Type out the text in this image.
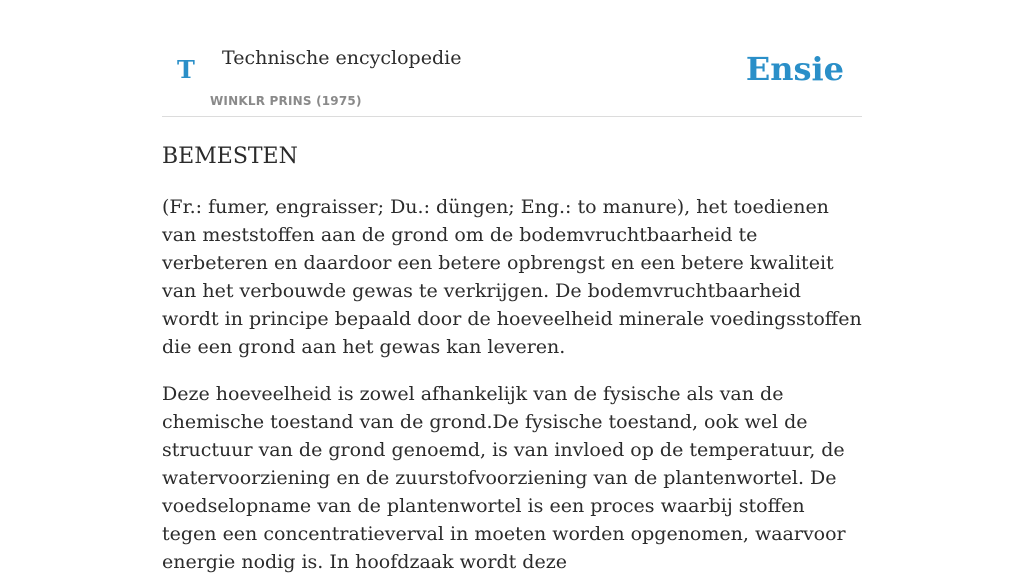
T Technische encyclopedie
WINKLR PRINS (1975)
Ensie
BEMESTEN

(Fr.: fumer, engraisser; Du.: düngen; Eng.: to manure), het toedienen van meststoffen aan de grond om de bodemvruchtbaarheid te verbeteren en daardoor een betere opbrengst en een betere kwaliteit van het verbouwde gewas te verkrijgen. De bodemvruchtbaarheid wordt in principe bepaald door de hoeveelheid minerale voedingsstoffen die een grond aan het gewas kan leveren.

Deze hoeveelheid is zowel afhankelijk van de fysische als van de chemische toestand van de grond.De fysische toestand, ook wel de structuur van de grond genoemd, is van invloed op de temperatuur, de watervoorziening en de zuurstofvoorziening van de plantenwortel. De voedselopname van de plantenwortel is een proces waarbij stoffen tegen een concentratieverval in moeten worden opgenomen, waarvoor energie nodig is. In hoofdzaak wordt deze
